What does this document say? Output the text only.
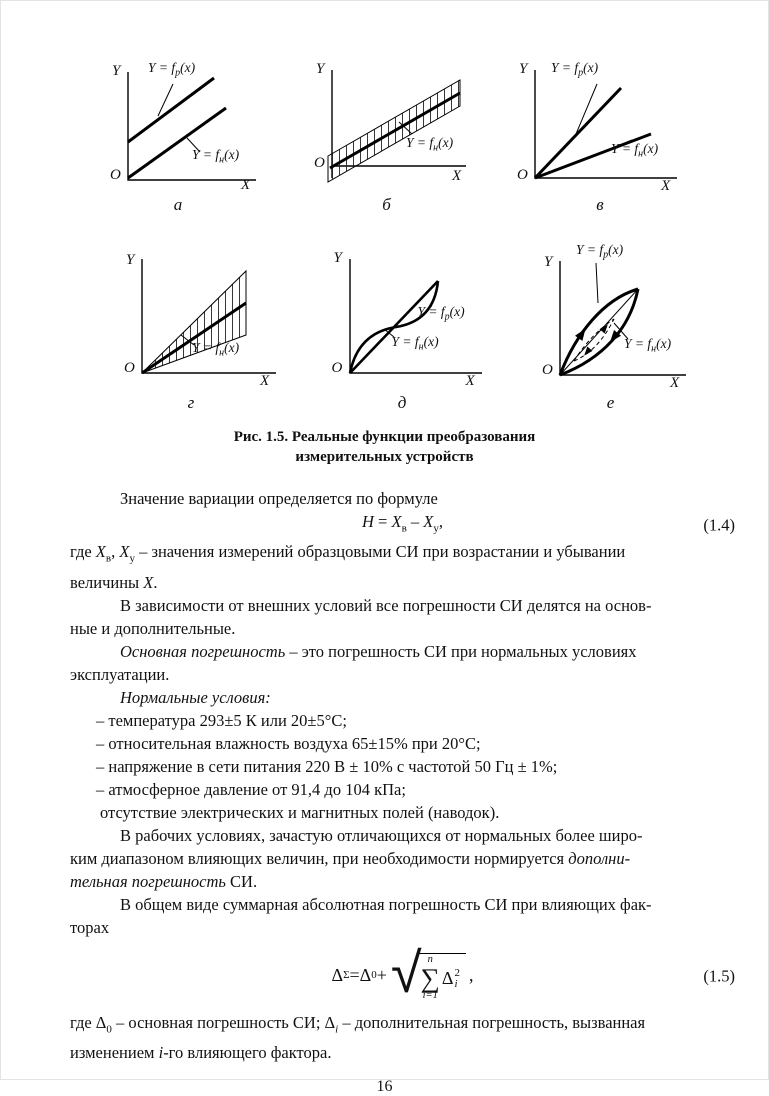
Y
О
X
$Y = f_p(x)$
$Y = f_н(x)$
а
Y
О
X
$Y = f_н(x)$
б
Y
О
X
$Y = f_p(x)$
$Y = f_н(x)$
в
Y
О
X
$Y = f_н(x)$
г
Y
О
X
$Y = f_p(x)$
$Y = f_н(x)$
д
Y
О
X
$Y = f_p(x)$
$Y = f_н(x)$
е
Рис. 1.5. Реальные функции преобразования
измерительных устройств
Значение вариации определяется по формуле
$H = X_в - X_у$,	(1.4)
где $X_в$, $X_у$ – значения измерений образцовыми СИ при возрастании и убывании
величины X.
В зависимости от внешних условий все погрешности СИ делятся на основ-
ные и дополнительные.
Основная погрешность – это погрешность СИ при нормальных условиях
эксплуатации.
Нормальные условия:
– температура 293±5 К или 20±5°С;
– относительная влажность воздуха 65±15% при 20°С;
– напряжение в сети питания 220 В ± 10% с частотой 50 Гц ± 1%;
– атмосферное давление от 91,4 до 104 кПа;
отсутствие электрических и магнитных полей (наводок).
В рабочих условиях, зачастую отличающихся от нормальных более широ-
ким диапазоном влияющих величин, при необходимости нормируется дополни-
тельная погрешность СИ.
В общем виде суммарная абсолютная погрешность СИ при влияющих фак-
торах
Δ Σ = Δ 0 + √ n
∑
i=1
Δ 2
i ,	(1.5)
где $\Delta_0$ – основная погрешность СИ; $\Delta_i$ – дополнительная погрешность, вызванная
изменением i-го влияющего фактора.
16
